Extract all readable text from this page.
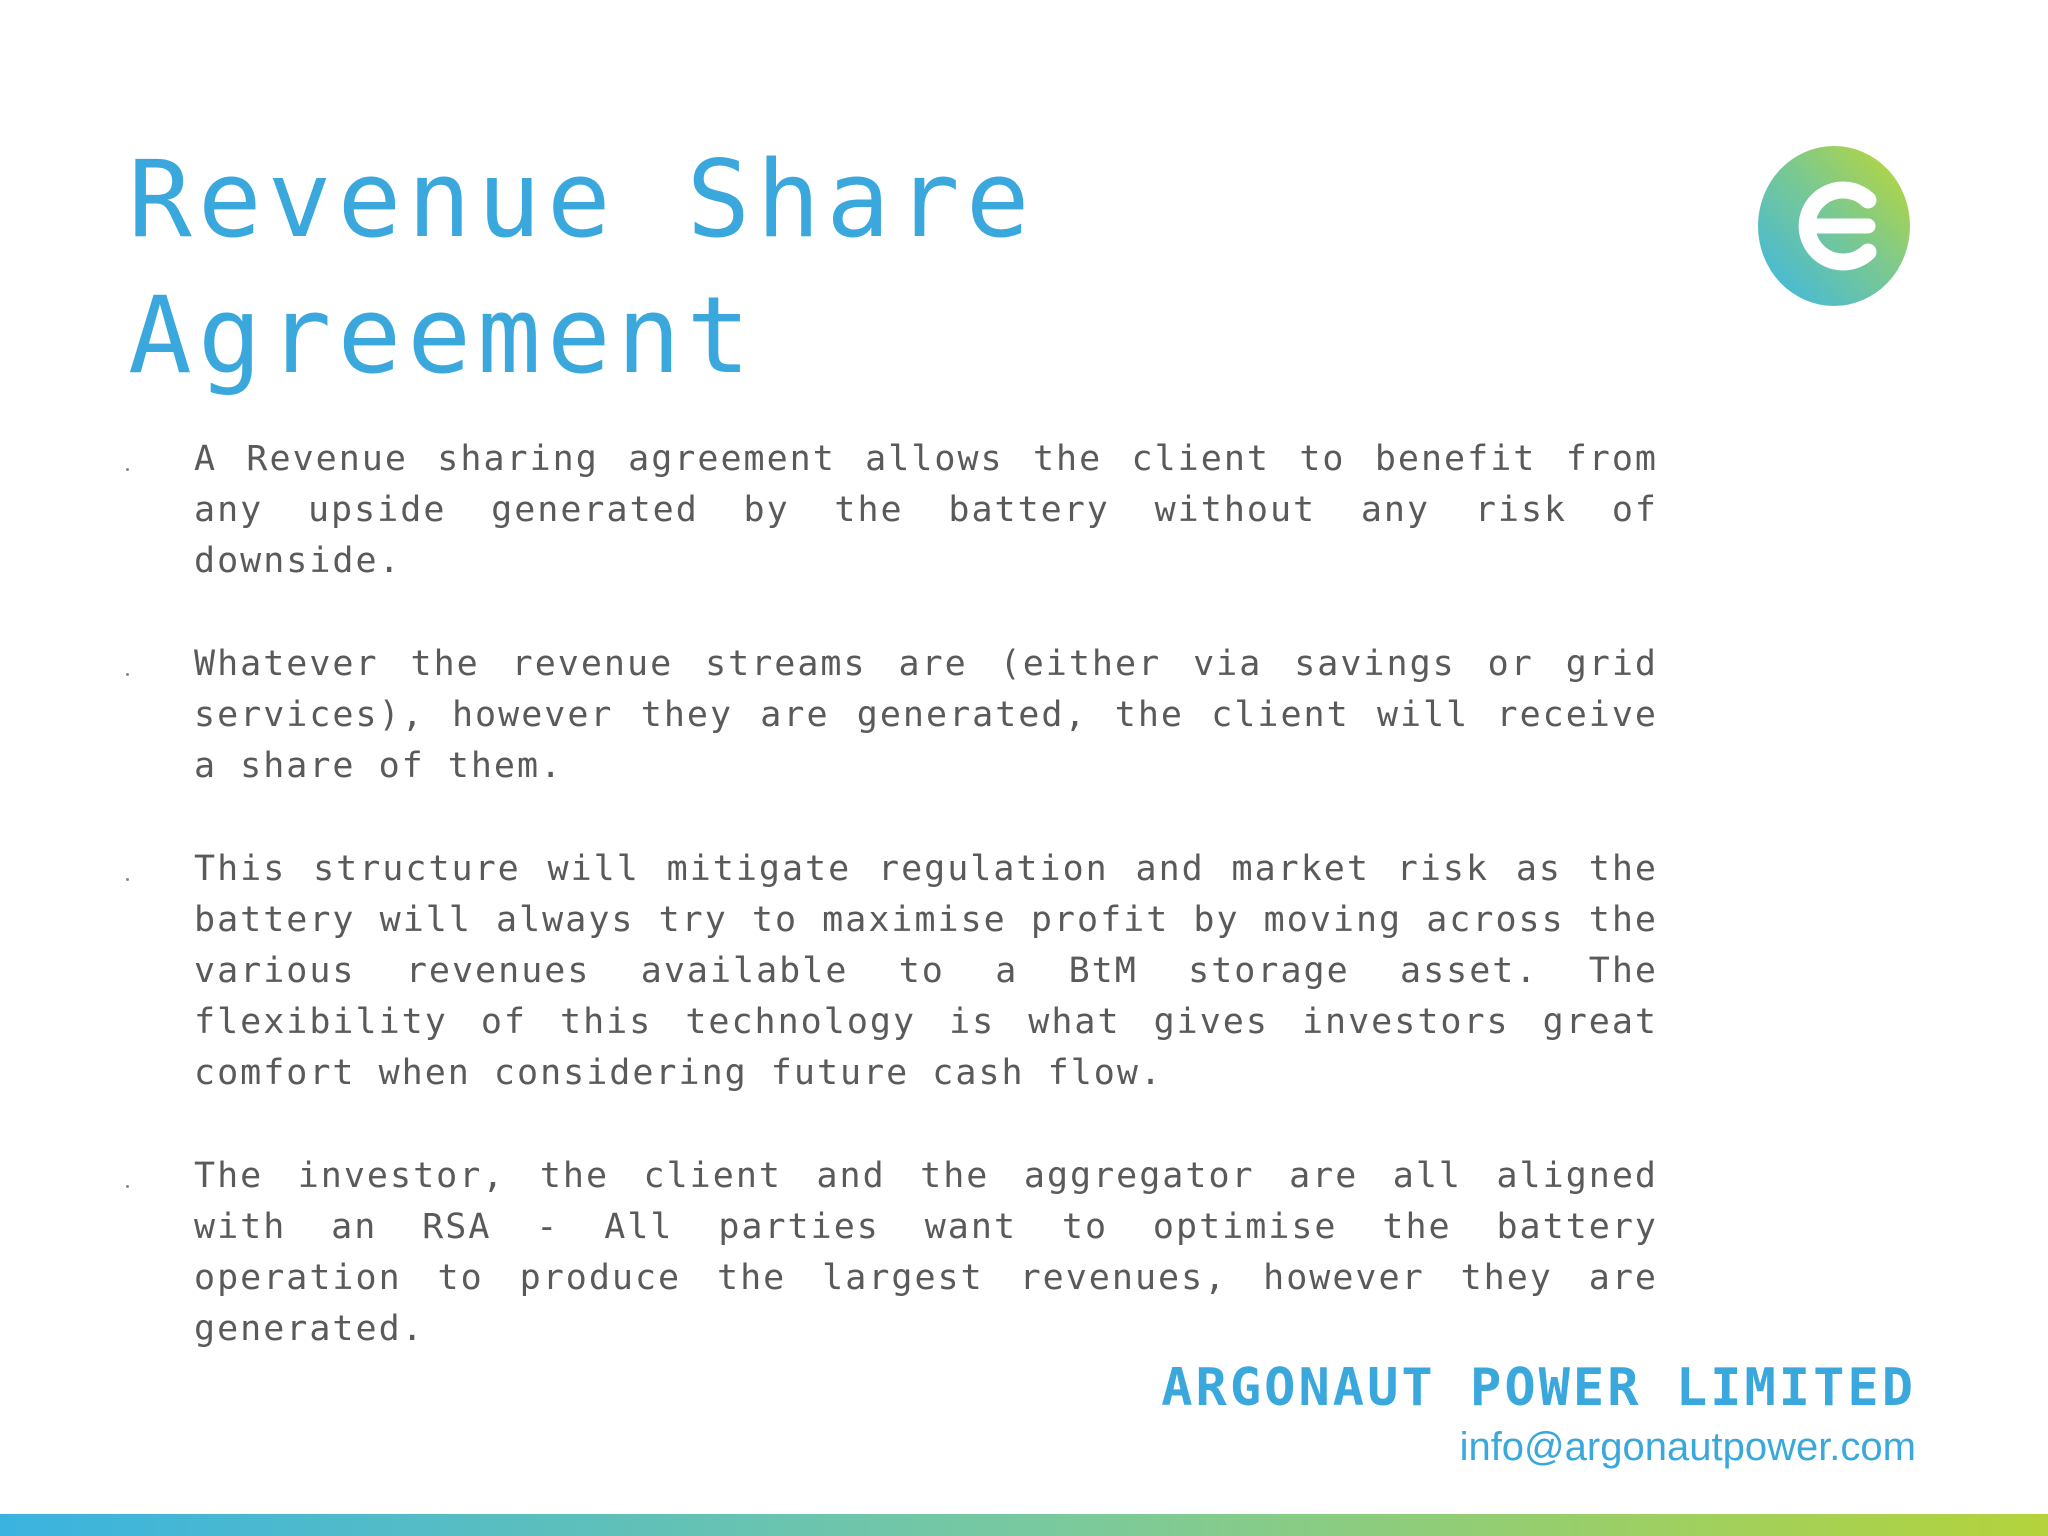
Revenue Share
Agreement
A Revenue sharing agreement allows the client to benefit from any upside generated by the battery without any risk of downside.
Whatever the revenue streams are (either via savings or grid services), however they are generated, the client will receive a share of them.
This structure will mitigate regulation and market risk as the battery will always try to maximise profit by moving across the various revenues available to a BtM storage asset. The flexibility of this technology is what gives investors great comfort when considering future cash flow.
The investor, the client and the aggregator are all aligned with an RSA - All parties want to optimise the battery operation to produce the largest revenues, however they are generated.

ARGONAUT POWER LIMITED

info@argonautpower.com
